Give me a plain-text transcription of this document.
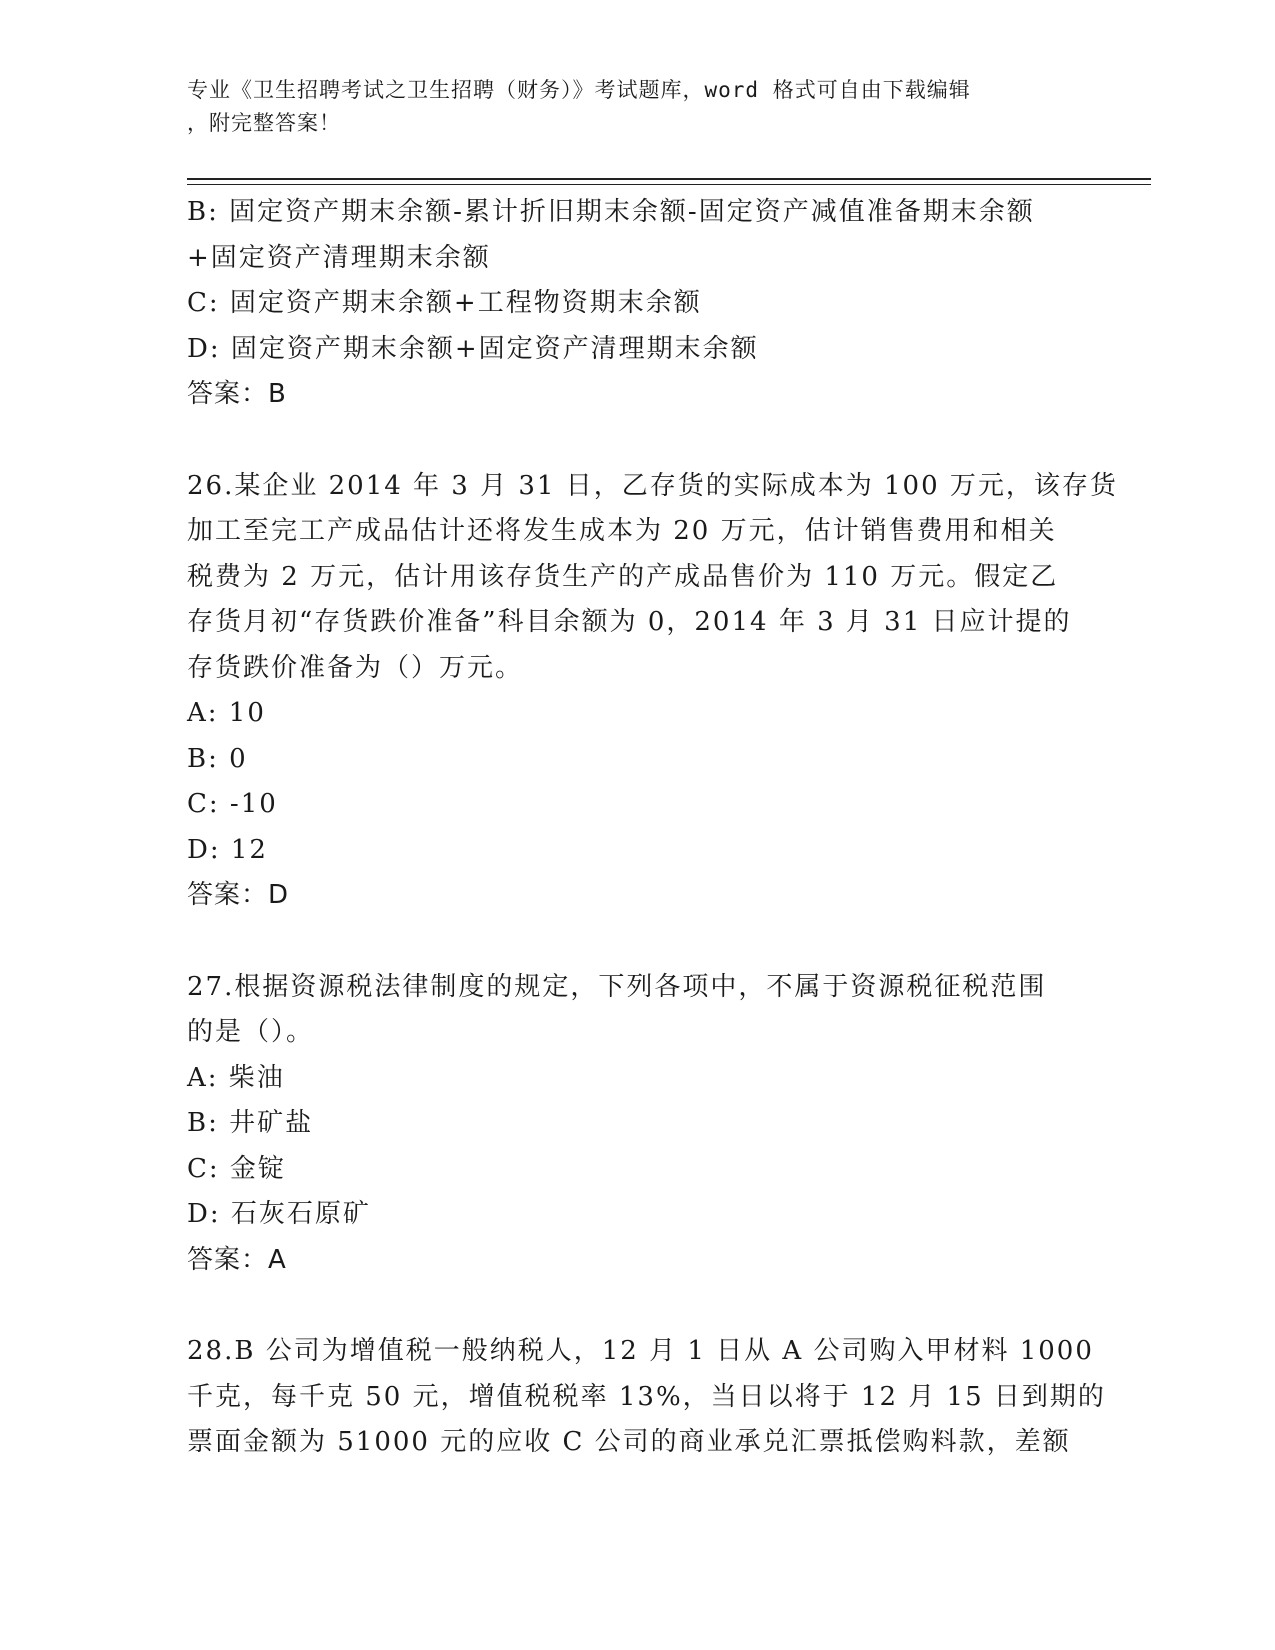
专业《卫生招聘考试之卫生招聘（财务）》考试题库，word 格式可自由下载编辑
，附完整答案！
B: 固定资产期末余额-累计折旧期末余额-固定资产减值准备期末余额
+固定资产清理期末余额
C: 固定资产期末余额+工程物资期末余额
D: 固定资产期末余额+固定资产清理期末余额
答案：B
26.某企业 2014 年 3 月 31 日，乙存货的实际成本为 100 万元，该存货
加工至完工产成品估计还将发生成本为 20 万元，估计销售费用和相关
税费为 2 万元，估计用该存货生产的产成品售价为 110 万元。假定乙
存货月初“存货跌价准备”科目余额为 0，2014 年 3 月 31 日应计提的
存货跌价准备为（）万元。
A: 10
B: 0
C: -10
D: 12
答案：D
27.根据资源税法律制度的规定，下列各项中，不属于资源税征税范围
的是（）。
A: 柴油
B: 井矿盐
C: 金锭
D: 石灰石原矿
答案：A
28.B 公司为增值税一般纳税人，12 月 1 日从 A 公司购入甲材料 1000
千克，每千克 50 元，增值税税率 13%，当日以将于 12 月 15 日到期的
票面金额为 51000 元的应收 C 公司的商业承兑汇票抵偿购料款，差额
